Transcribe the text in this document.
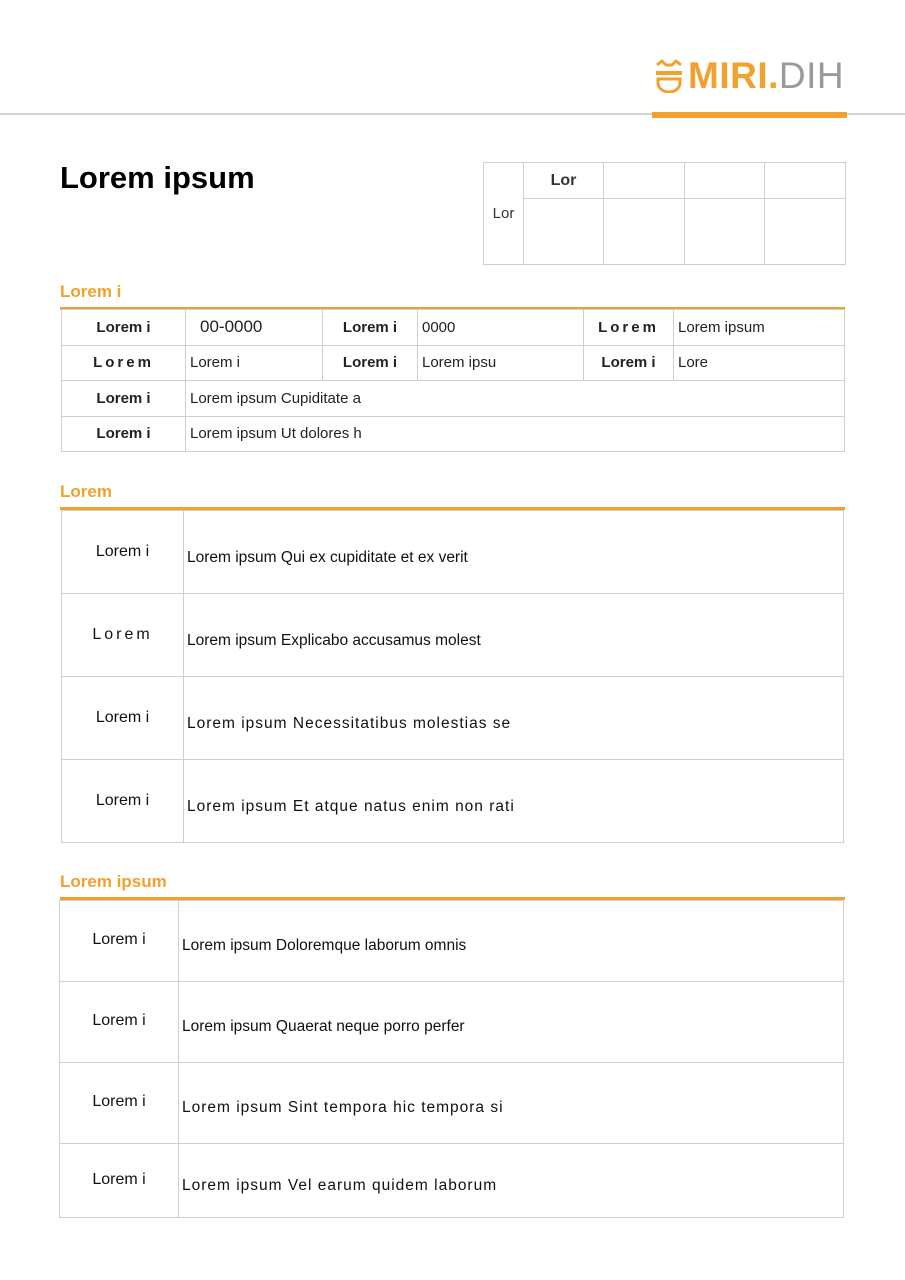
MIRI.DIH
Lorem ipsum
Lor	Lor			

Lorem i
Lorem i	00-0000	Lorem i	0000	Lorem	Lorem ipsum
Lorem	Lorem i	Lorem i	Lorem ipsu	Lorem i	Lore
Lorem i	Lorem ipsum Cupiditate a				
Lorem i	Lorem ipsum Ut dolores h				
Lorem
Lorem i	Lorem ipsum Qui ex cupiditate et ex verit
Lorem	Lorem ipsum Explicabo accusamus molest
Lorem i	Lorem ipsum Necessitatibus molestias se
Lorem i	Lorem ipsum Et atque natus enim non rati
Lorem ipsum
Lorem i	Lorem ipsum Doloremque laborum omnis
Lorem i	Lorem ipsum Quaerat neque porro perfer
Lorem i	Lorem ipsum Sint tempora hic tempora si
Lorem i	Lorem ipsum Vel earum quidem laborum
